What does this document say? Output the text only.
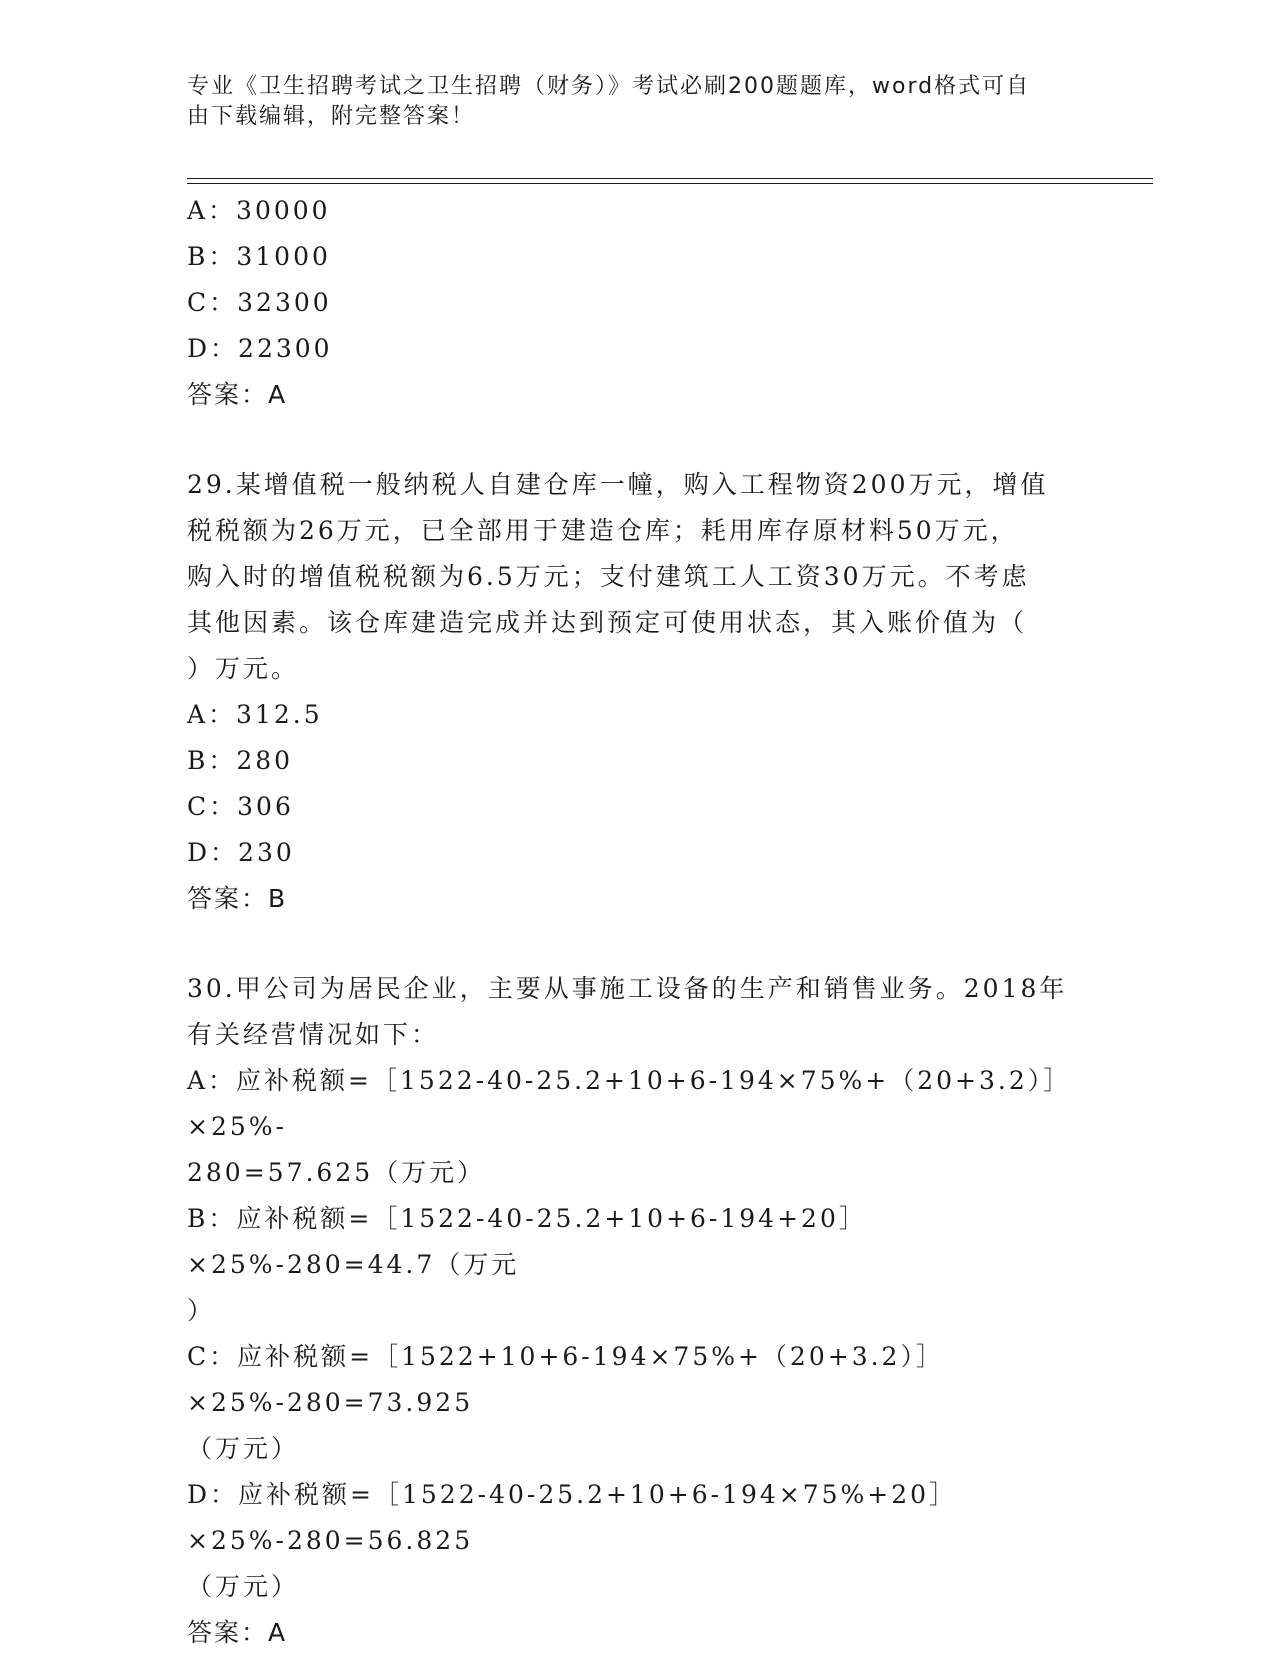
专业《卫生招聘考试之卫生招聘（财务）》考试必刷200题题库，word格式可自
由下载编辑，附完整答案！
A：30000
B：31000
C：32300
D：22300
答案：A
29.某增值税一般纳税人自建仓库一幢，购入工程物资200万元，增值
税税额为26万元，已全部用于建造仓库；耗用库存原材料50万元，
购入时的增值税税额为6.5万元；支付建筑工人工资30万元。不考虑
其他因素。该仓库建造完成并达到预定可使用状态，其入账价值为（
）万元。
A：312.5
B：280
C：306
D：230
答案：B
30.甲公司为居民企业，主要从事施工设备的生产和销售业务。2018年
有关经营情况如下：
A：应补税额=［1522-40-25.2+10+6-194×75%+（20+3.2）］×25%-
280=57.625（万元）
B：应补税额=［1522-40-25.2+10+6-194+20］×25%-280=44.7（万元
）
C：应补税额=［1522+10+6-194×75%+（20+3.2）］×25%-280=73.925
（万元）
D：应补税额=［1522-40-25.2+10+6-194×75%+20］×25%-280=56.825
（万元）
答案：A
